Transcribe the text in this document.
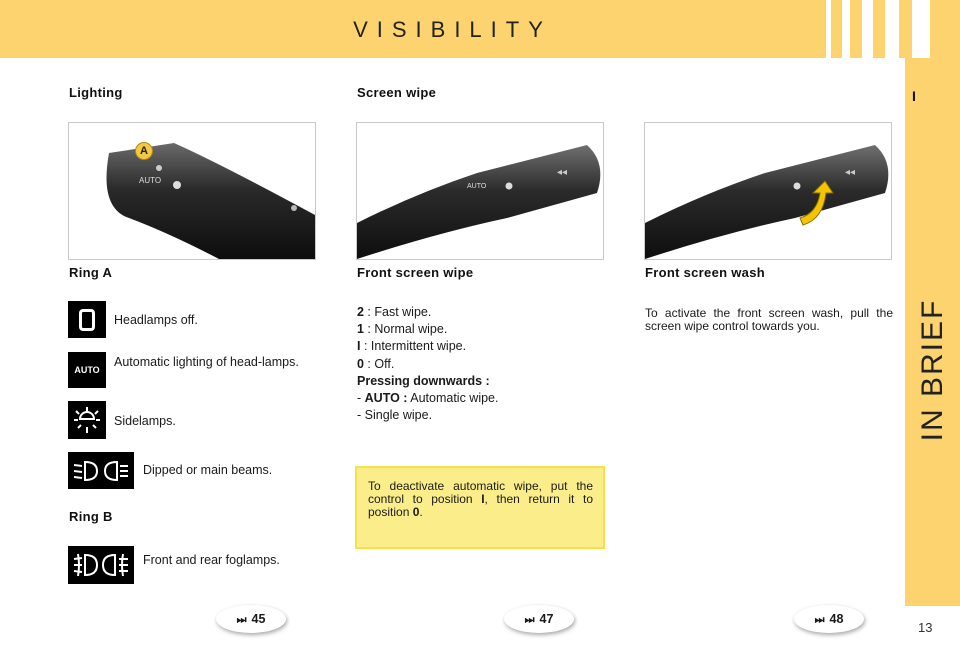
VISIBILITY
I
IN BRIEF
Lighting	Screen wipe
AUTO
A
AUTO
◂◂	◂◂
Ring A
Headlamps off.
AUTO
Automatic lighting of head-lamps.
Sidelamps.
Dipped or main beams.
Ring B
Front and rear foglamps.
Front screen wipe
2 : Fast wipe.
1 : Normal wipe.
I : Intermittent wipe.
0 : Off.
Pressing downwards :
- AUTO : Automatic wipe.
- Single wipe.
To deactivate automatic wipe, put the control to position I, then return it to position 0.
Front screen wash
To activate the front screen wash, pull the screen wipe control towards you.
⏭ 45	⏭ 47	⏭ 48
13
